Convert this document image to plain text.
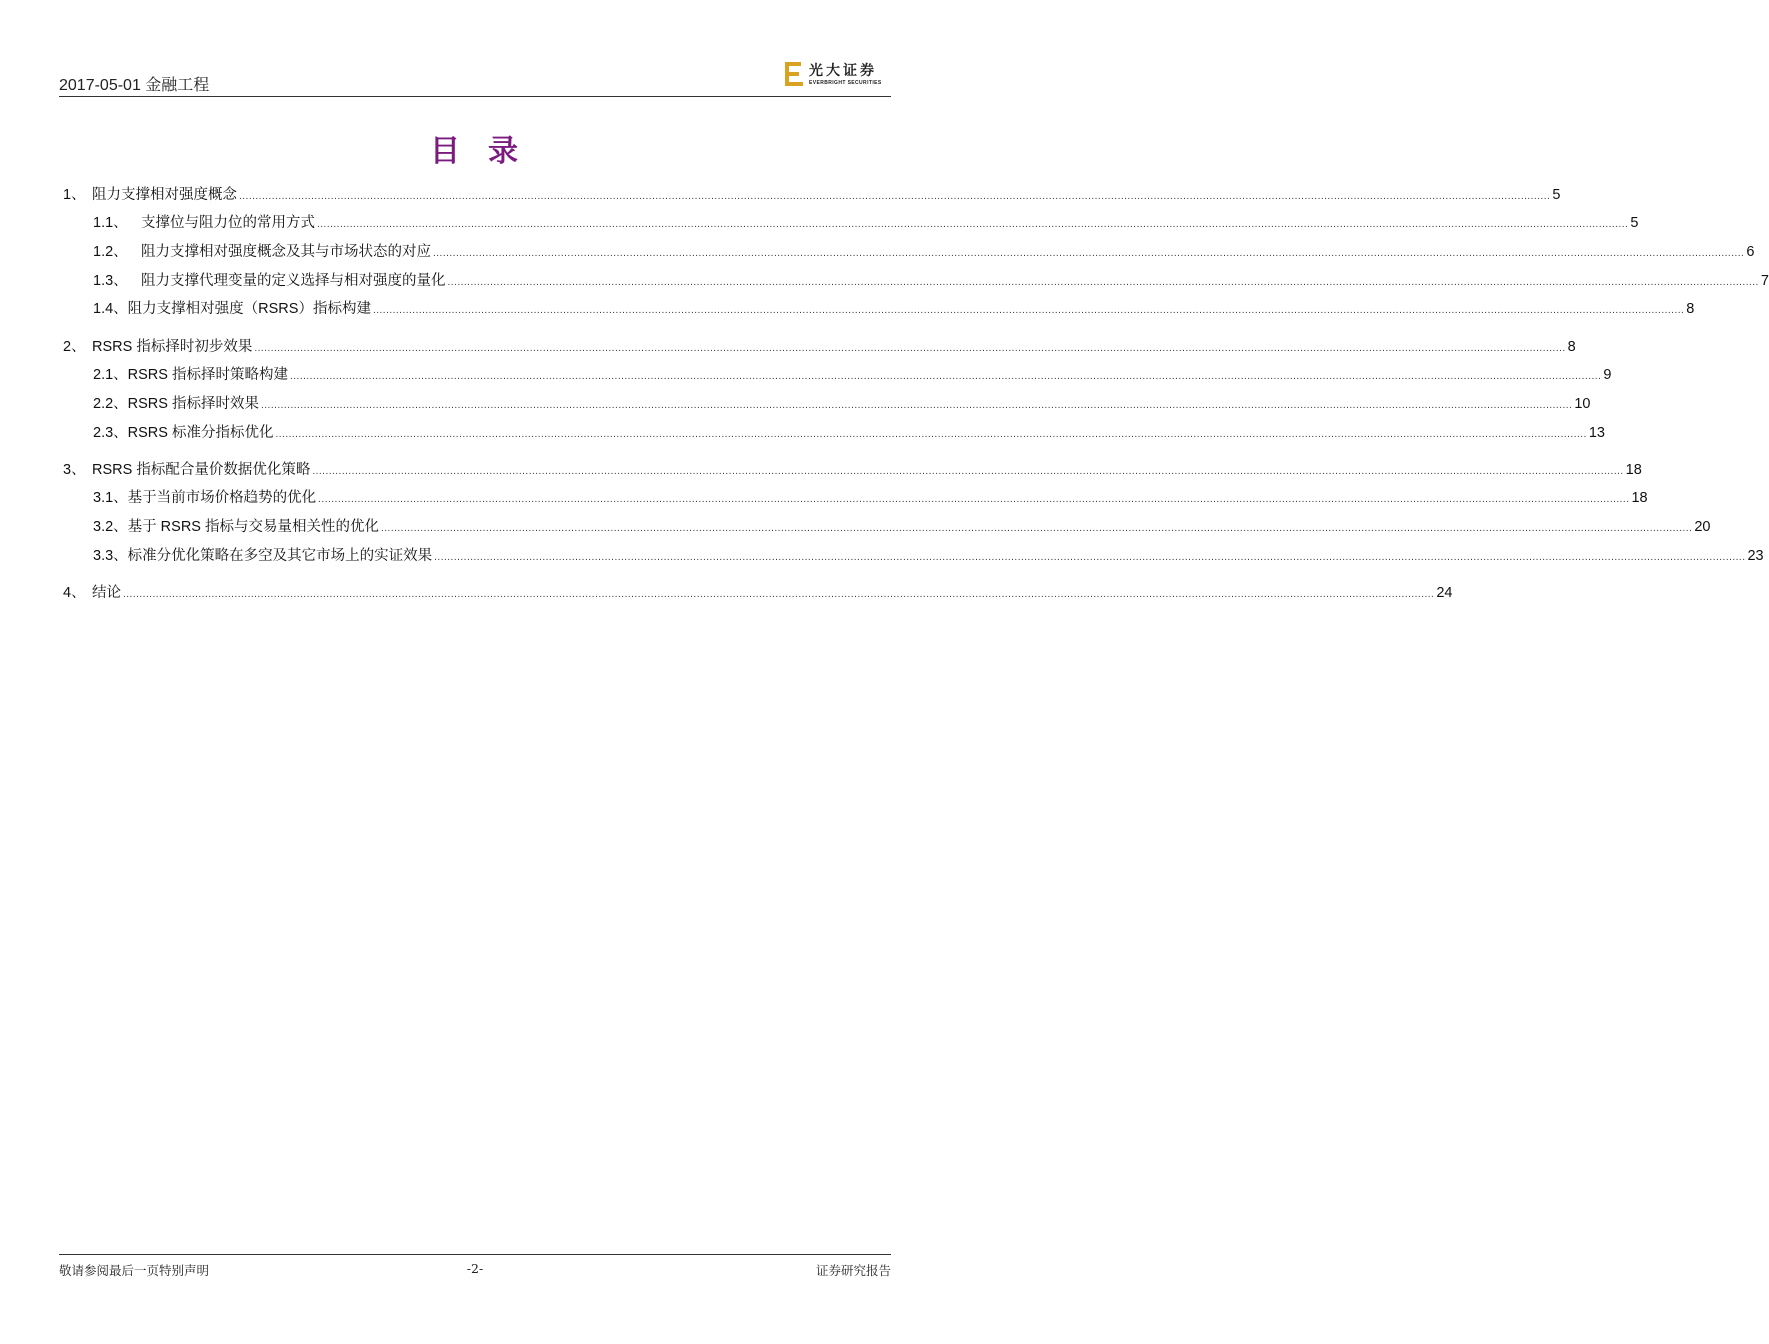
2017-05-01 金融工程
光大证券
EVERBRIGHT SECURITIES
目 录
1、 阻力支撑相对强度概念 ................................................................................................................................................................................................................................................................................................................................................................................................................ 5
1.1、 支撑位与阻力位的常用方式 ................................................................................................................................................................................................................................................................................................................................................................................................................ 5
1.2、 阻力支撑相对强度概念及其与市场状态的对应 ................................................................................................................................................................................................................................................................................................................................................................................................................ 6
1.3、 阻力支撑代理变量的定义选择与相对强度的量化 ................................................................................................................................................................................................................................................................................................................................................................................................................ 7
1.4、阻力支撑相对强度（RSRS）指标构建 ................................................................................................................................................................................................................................................................................................................................................................................................................ 8
2、 RSRS 指标择时初步效果 ................................................................................................................................................................................................................................................................................................................................................................................................................ 8
2.1、RSRS 指标择时策略构建 ................................................................................................................................................................................................................................................................................................................................................................................................................ 9
2.2、RSRS 指标择时效果 ................................................................................................................................................................................................................................................................................................................................................................................................................ 10
2.3、RSRS 标准分指标优化 ................................................................................................................................................................................................................................................................................................................................................................................................................ 13
3、 RSRS 指标配合量价数据优化策略 ................................................................................................................................................................................................................................................................................................................................................................................................................ 18
3.1、基于当前市场价格趋势的优化 ................................................................................................................................................................................................................................................................................................................................................................................................................ 18
3.2、基于 RSRS 指标与交易量相关性的优化 ................................................................................................................................................................................................................................................................................................................................................................................................................ 20
3.3、标准分优化策略在多空及其它市场上的实证效果 ................................................................................................................................................................................................................................................................................................................................................................................................................ 23
4、 结论 ................................................................................................................................................................................................................................................................................................................................................................................................................ 24
敬请参阅最后一页特别声明	-2-	证券研究报告
